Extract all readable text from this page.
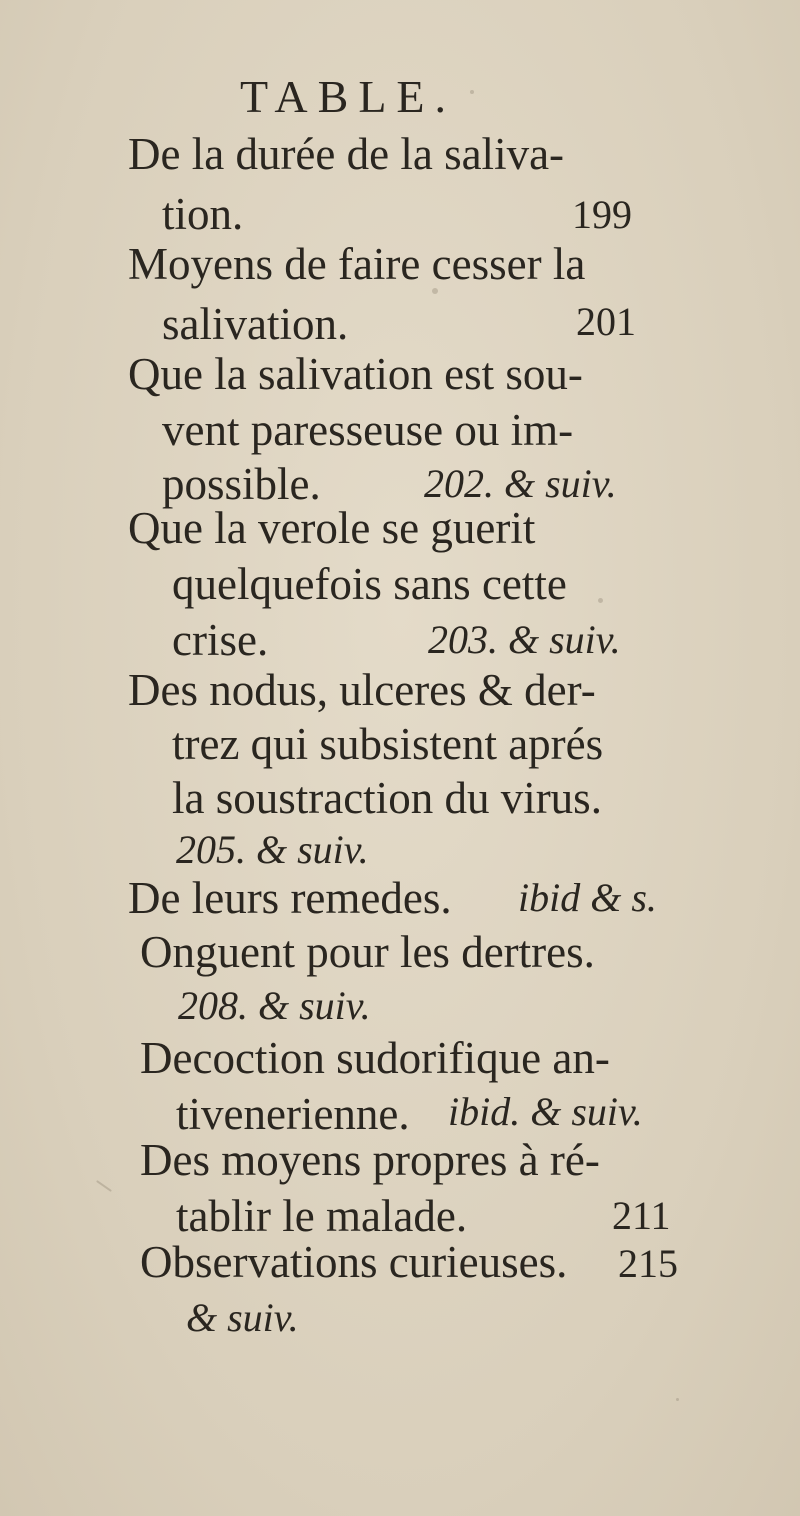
TABLE.
De la durée de la saliva-
tion.	199
Moyens de faire cesser la
salivation.	201
Que la salivation est sou-
vent paresseuse ou im-
possible.	202. & suiv.
Que la verole se guerit
quelquefois sans cette
crise.	203. & suiv.
Des nodus, ulceres & der-
trez qui subsistent aprés
la soustraction du virus.
205. & suiv.
De leurs remedes. ibid & s.
Onguent pour les dertres.
208. & suiv.
Decoction sudorifique an-
tivenerienne. ibid. & suiv.
Des moyens propres à ré-
tablir le malade.	211
Observations curieuses. 215
& suiv.
